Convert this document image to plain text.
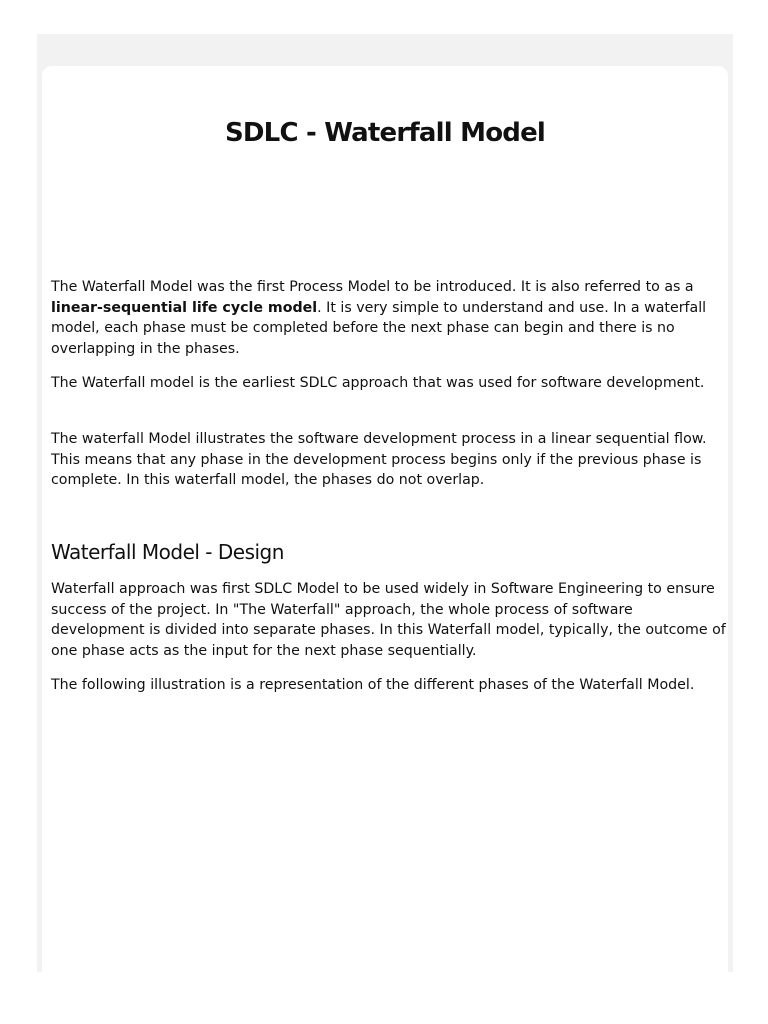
SDLC - Waterfall Model

The Waterfall Model was the first Process Model to be introduced. It is also referred to as a linear-sequential life cycle model. It is very simple to understand and use. In a waterfall model, each phase must be completed before the next phase can begin and there is no overlapping in the phases.

The Waterfall model is the earliest SDLC approach that was used for software development.

The waterfall Model illustrates the software development process in a linear sequential flow. This means that any phase in the development process begins only if the previous phase is complete. In this waterfall model, the phases do not overlap.

Waterfall Model - Design

Waterfall approach was first SDLC Model to be used widely in Software Engineering to ensure success of the project. In "The Waterfall" approach, the whole process of software development is divided into separate phases. In this Waterfall model, typically, the outcome of one phase acts as the input for the next phase sequentially.

The following illustration is a representation of the different phases of the Waterfall Model.
